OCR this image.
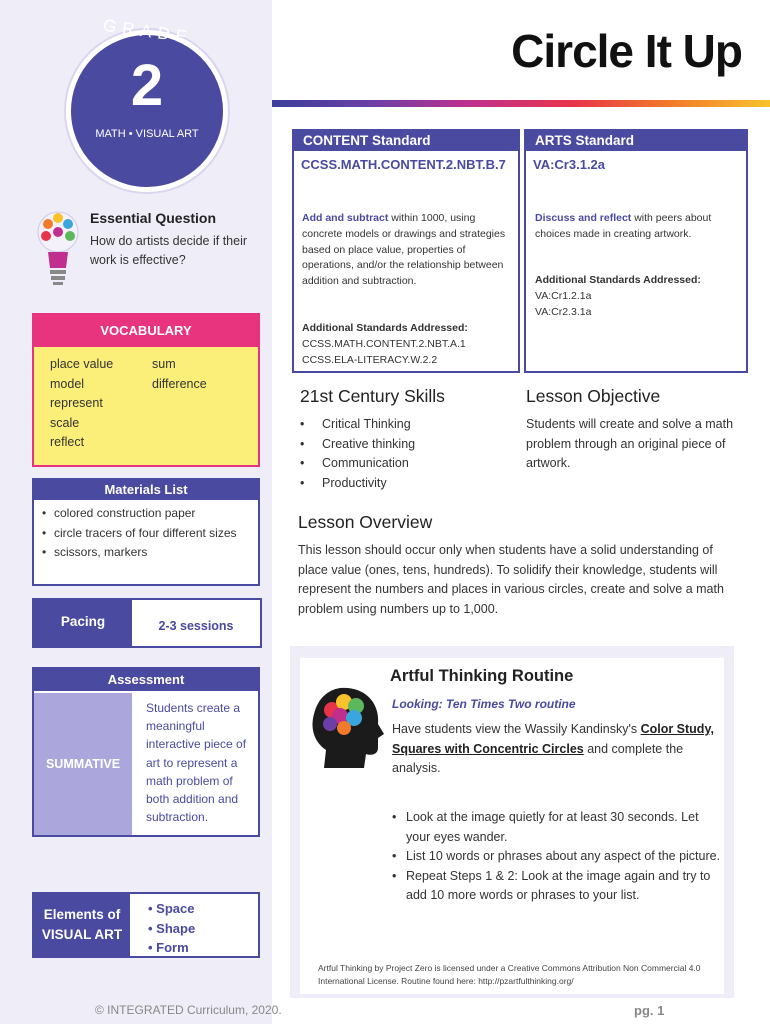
GRADE
2
MATH • VISUAL ART
Circle It Up
Essential Question
How do artists decide if their work is effective?
VOCABULARY
place value
model
represent
scale
reflect
sum
difference
Materials List
• colored construction paper
• circle tracers of four different sizes
• scissors, markers
Pacing	2-3 sessions
Assessment
SUMMATIVE
Students create a meaningful interactive piece of art to represent a math problem of both addition and subtraction.
Elements of VISUAL ART
• Space
• Shape
• Form
CONTENT Standard
CCSS.MATH.CONTENT.2.NBT.B.7
Add and subtract within 1000, using concrete models or drawings and strategies based on place value, properties of operations, and/or the relationship between addition and subtraction.
Additional Standards Addressed:
CCSS.MATH.CONTENT.2.NBT.A.1
CCSS.ELA-LITERACY.W.2.2
ARTS Standard
VA:Cr3.1.2a
Discuss and reflect with peers about choices made in creating artwork.
Additional Standards Addressed:
VA:Cr1.2.1a
VA:Cr2.3.1a
21st Century Skills
• Critical Thinking
• Creative thinking
• Communication
• Productivity
Lesson Objective
Students will create and solve a math problem through an original piece of artwork.
Lesson Overview
This lesson should occur only when students have a solid understanding of place value (ones, tens, hundreds). To solidify their knowledge, students will represent the numbers and places in various circles, create and solve a math problem using numbers up to 1,000.
Artful Thinking Routine
Looking: Ten Times Two routine
Have students view the Wassily Kandinsky's Color Study, Squares with Concentric Circles and complete the analysis.
• Look at the image quietly for at least 30 seconds. Let your eyes wander.
• List 10 words or phrases about any aspect of the picture.
• Repeat Steps 1 & 2: Look at the image again and try to add 10 more words or phrases to your list.
Artful Thinking by Project Zero is licensed under a Creative Commons Attribution Non Commercial 4.0 International License. Routine found here: http://pzartfulthinking.org/
© INTEGRATED Curriculum, 2020.	pg. 1
